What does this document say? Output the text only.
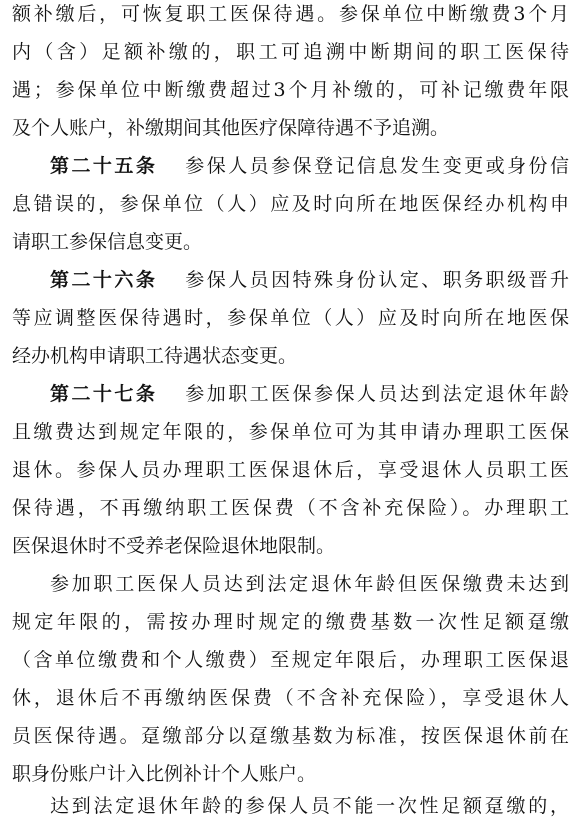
额补缴后，可恢复职工医保待遇。参保单位中断缴费3个月
内（含）足额补缴的，职工可追溯中断期间的职工医保待
遇；参保单位中断缴费超过3个月补缴的，可补记缴费年限
及个人账户，补缴期间其他医疗保障待遇不予追溯。
第二十五条 参保人员参保登记信息发生变更或身份信
息错误的，参保单位（人）应及时向所在地医保经办机构申
请职工参保信息变更。
第二十六条 参保人员因特殊身份认定、职务职级晋升
等应调整医保待遇时，参保单位（人）应及时向所在地医保
经办机构申请职工待遇状态变更。
第二十七条 参加职工医保参保人员达到法定退休年龄
且缴费达到规定年限的，参保单位可为其申请办理职工医保
退休。参保人员办理职工医保退休后，享受退休人员职工医
保待遇，不再缴纳职工医保费（不含补充保险）。办理职工
医保退休时不受养老保险退休地限制。
参加职工医保人员达到法定退休年龄但医保缴费未达到
规定年限的，需按办理时规定的缴费基数一次性足额趸缴
（含单位缴费和个人缴费）至规定年限后，办理职工医保退
休，退休后不再缴纳医保费（不含补充保险），享受退休人
员医保待遇。趸缴部分以趸缴基数为标准，按医保退休前在
职身份账户计入比例补计个人账户。
达到法定退休年龄的参保人员不能一次性足额趸缴的，
